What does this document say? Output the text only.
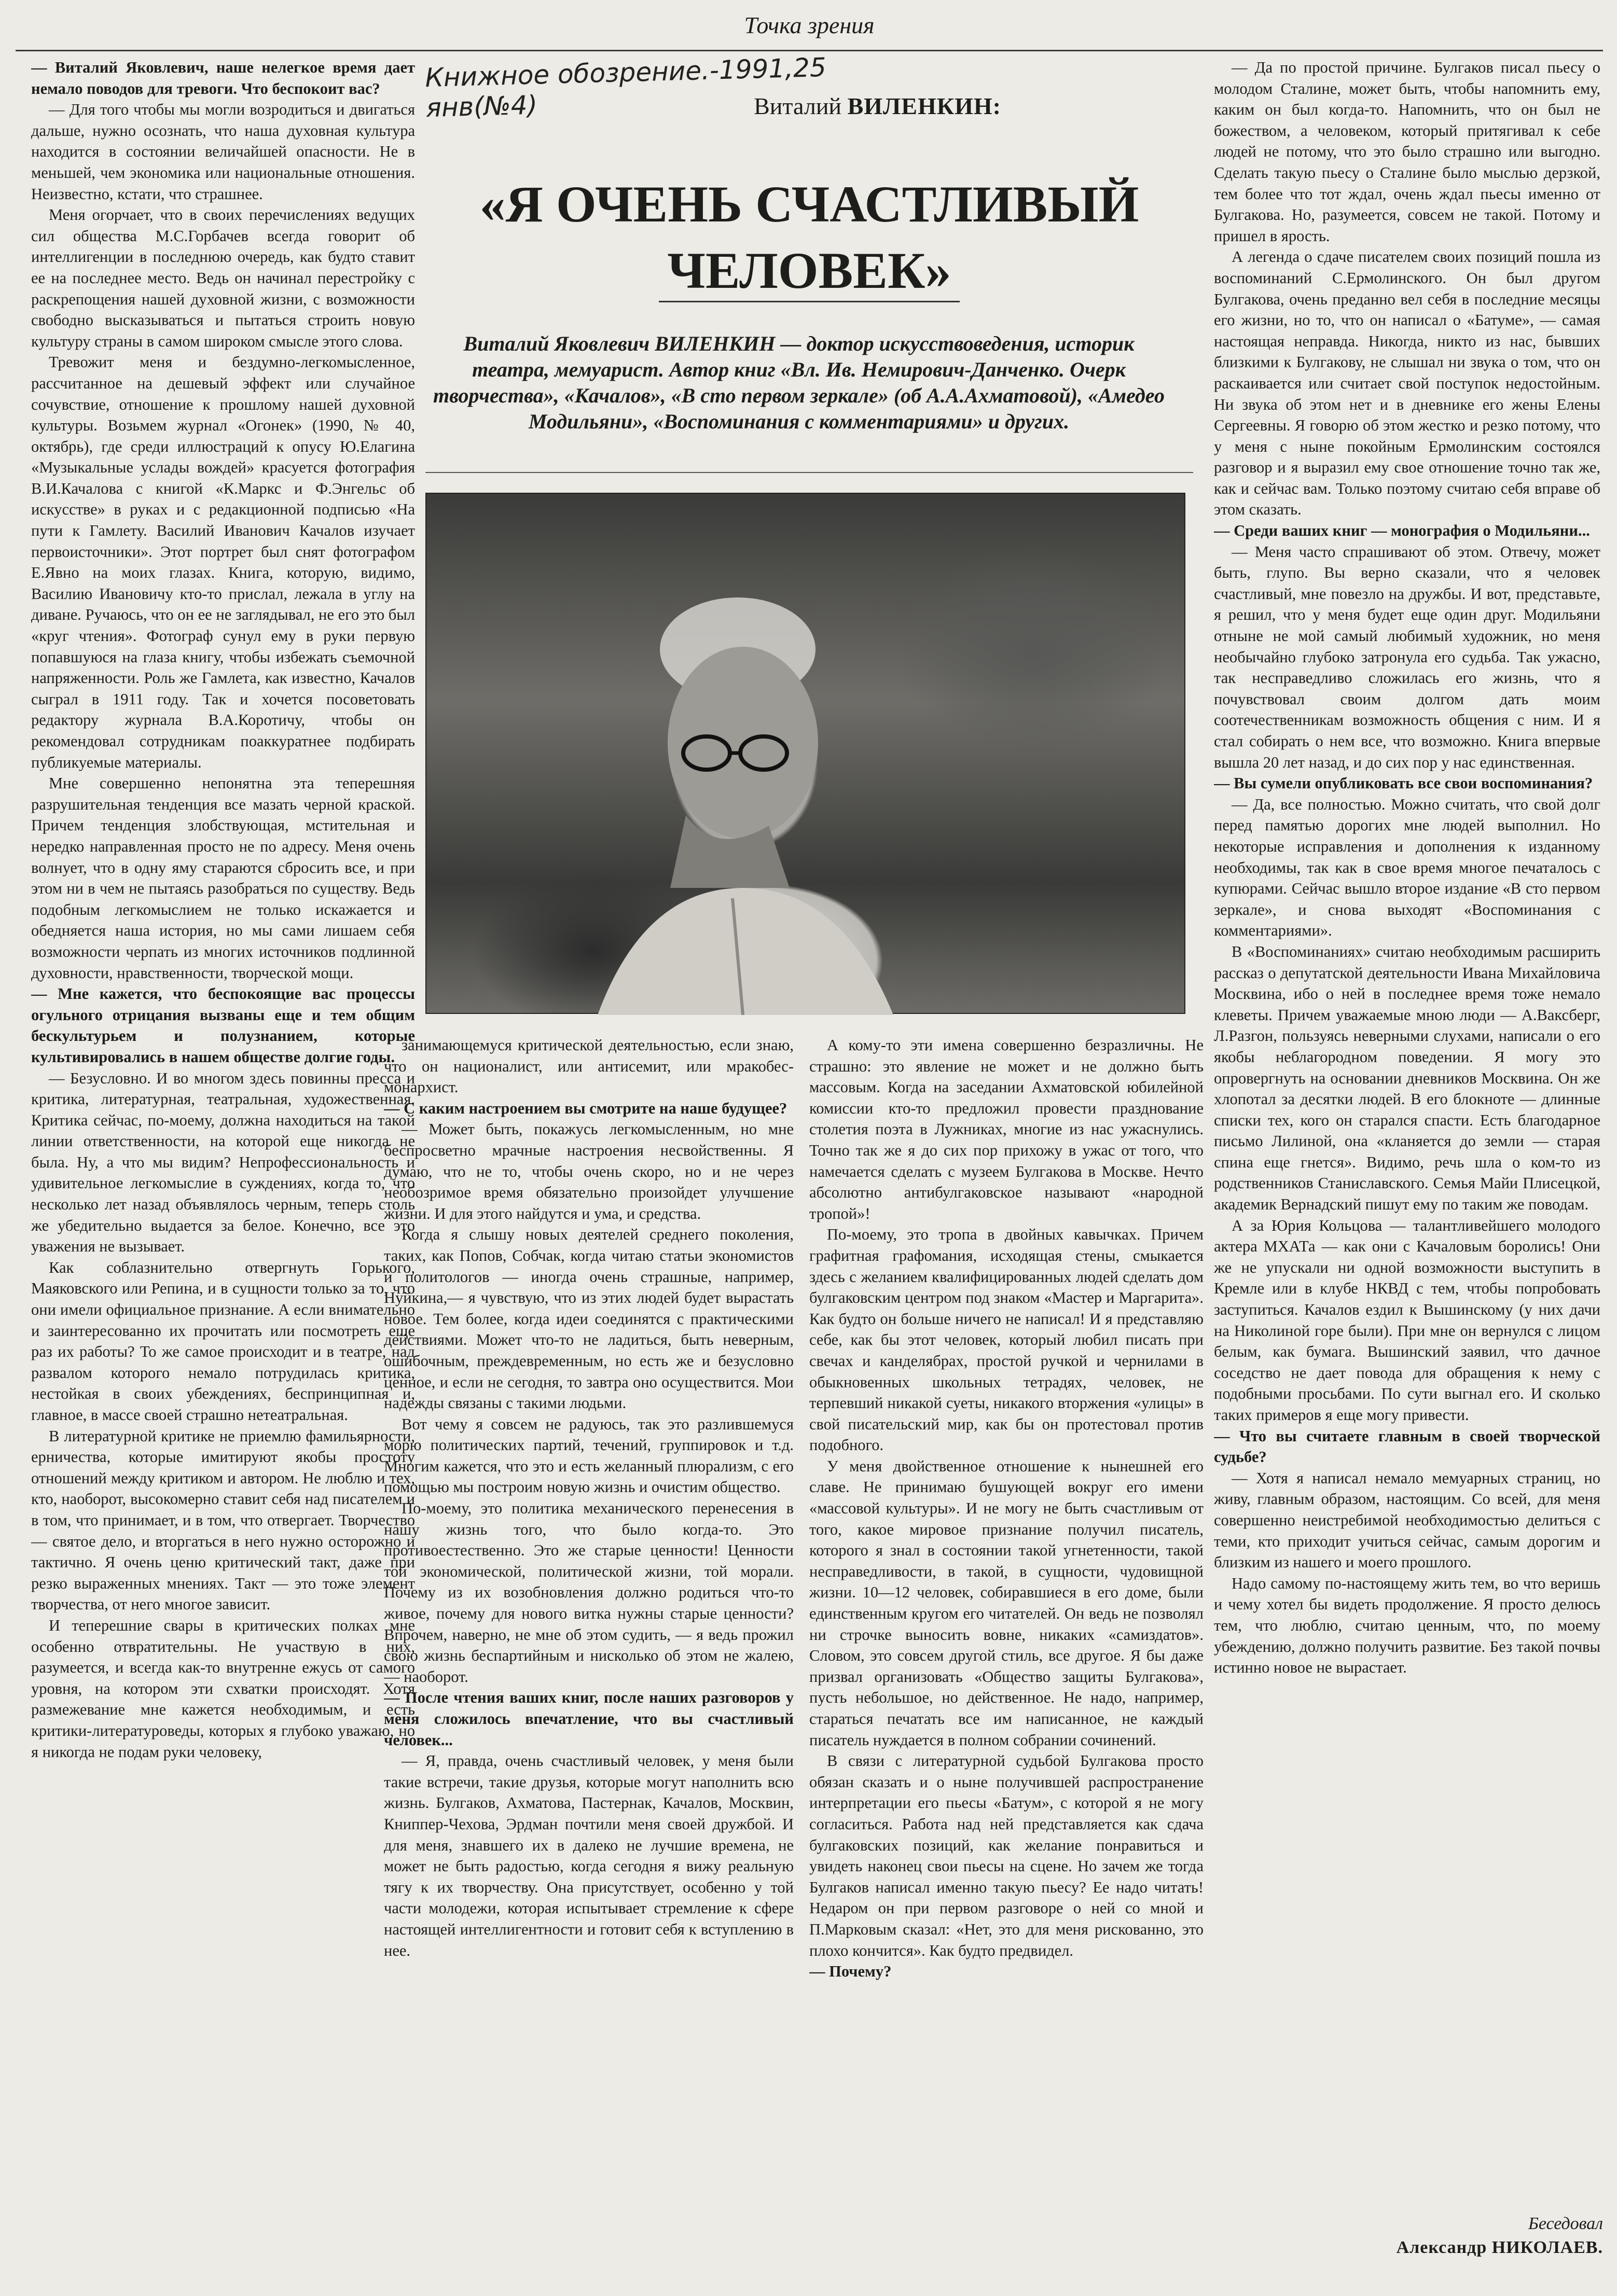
Точка зрения
Книжное обозрение.-1991,25 янв(№4)	Виталий ВИЛЕНКИН:
«Я ОЧЕНЬ СЧАСТЛИВЫЙ ЧЕЛОВЕК»
Виталий Яковлевич ВИЛЕНКИН — доктор искусствоведения, историк театра, мемуарист. Автор книг «Вл. Ив. Немирович-Данченко. Очерк творчества», «Качалов», «В сто первом зеркале» (об А.А.Ахматовой), «Амедео Модильяни», «Воспоминания с комментариями» и других.

— Виталий Яковлевич, наше нелегкое время дает немало поводов для тревоги. Что беспокоит вас?

— Для того чтобы мы могли возродиться и двигаться дальше, нужно осознать, что наша духовная культура находится в состоянии величайшей опасности. Не в меньшей, чем экономика или национальные отношения. Неизвестно, кстати, что страшнее.

Меня огорчает, что в своих перечислениях ведущих сил общества М.С.Горбачев всегда говорит об интеллигенции в последнюю очередь, как будто ставит ее на последнее место. Ведь он начинал перестройку с раскрепощения нашей духовной жизни, с возможности свободно высказываться и пытаться строить новую культуру страны в самом широком смысле этого слова.

Тревожит меня и бездумно-легкомысленное, рассчитанное на дешевый эффект или случайное сочувствие, отношение к прошлому нашей духовной культуры. Возьмем журнал «Огонек» (1990, № 40, октябрь), где среди иллюстраций к опусу Ю.Елагина «Музыкальные услады вождей» красуется фотография В.И.Качалова с книгой «К.Маркс и Ф.Энгельс об искусстве» в руках и с редакционной подписью «На пути к Гамлету. Василий Иванович Качалов изучает первоисточники». Этот портрет был снят фотографом Е.Явно на моих глазах. Книга, которую, видимо, Василию Ивановичу кто-то прислал, лежала в углу на диване. Ручаюсь, что он ее не заглядывал, не его это был «круг чтения». Фотограф сунул ему в руки первую попавшуюся на глаза книгу, чтобы избежать съемочной напряженности. Роль же Гамлета, как известно, Качалов сыграл в 1911 году. Так и хочется посоветовать редактору журнала В.А.Коротичу, чтобы он рекомендовал сотрудникам поаккуратнее подбирать публикуемые материалы.

Мне совершенно непонятна эта теперешняя разрушительная тенденция все мазать черной краской. Причем тенденция злобствующая, мстительная и нередко направленная просто не по адресу. Меня очень волнует, что в одну яму стараются сбросить все, и при этом ни в чем не пытаясь разобраться по существу. Ведь подобным легкомыслием не только искажается и обедняется наша история, но мы сами лишаем себя возможности черпать из многих источников подлинной духовности, нравственности, творческой мощи.

— Мне кажется, что беспокоящие вас процессы огульного отрицания вызваны еще и тем общим бескультурьем и полузнанием, которые культивировались в нашем обществе долгие годы.

— Безусловно. И во многом здесь повинны пресса и критика, литературная, театральная, художественная. Критика сейчас, по-моему, должна находиться на такой линии ответственности, на которой еще никогда не была. Ну, а что мы видим? Непрофессиональность и удивительное легкомыслие в суждениях, когда то, что несколько лет назад объявлялось черным, теперь столь же убедительно выдается за белое. Конечно, все это уважения не вызывает.

Как соблазнительно отвергнуть Горького, Маяковского или Репина, и в сущности только за то, что они имели официальное признание. А если внимательно и заинтересованно их прочитать или посмотреть еще раз их работы? То же самое происходит и в театре, над развалом которого немало потрудилась критика, нестойкая в своих убеждениях, беспринципная и, главное, в массе своей страшно нетеатральная.

В литературной критике не приемлю фамильярности, ерничества, которые имитируют якобы простоту отношений между критиком и автором. Не люблю и тех, кто, наоборот, высокомерно ставит себя над писателем и в том, что принимает, и в том, что отвергает. Творчество — святое дело, и вторгаться в него нужно осторожно и тактично. Я очень ценю критический такт, даже при резко выраженных мнениях. Такт — это тоже элемент творчества, от него многое зависит.

И теперешние свары в критических полках мне особенно отвратительны. Не участвую в них, разумеется, и всегда как-то внутренне ежусь от самого уровня, на котором эти схватки происходят. Хотя размежевание мне кажется необходимым, и есть критики-литературоведы, которых я глубоко уважаю, но я никогда не подам руки человеку,

занимающемуся критической деятельностью, если знаю, что он националист, или антисемит, или мракобес-монархист.

— С каким настроением вы смотрите на наше будущее?

— Может быть, покажусь легкомысленным, но мне беспросветно мрачные настроения несвойственны. Я думаю, что не то, чтобы очень скоро, но и не через необозримое время обязательно произойдет улучшение жизни. И для этого найдутся и ума, и средства.

Когда я слышу новых деятелей среднего поколения, таких, как Попов, Собчак, когда читаю статьи экономистов и политологов — иногда очень страшные, например, Нуйкина,— я чувствую, что из этих людей будет вырастать новое. Тем более, когда идеи соединятся с практическими действиями. Может что-то не ладиться, быть неверным, ошибочным, преждевременным, но есть же и безусловно ценное, и если не сегодня, то завтра оно осуществится. Мои надежды связаны с такими людьми.

Вот чему я совсем не радуюсь, так это разлившемуся морю политических партий, течений, группировок и т.д. Многим кажется, что это и есть желанный плюрализм, с его помощью мы построим новую жизнь и очистим общество.

По-моему, это политика механического перенесения в нашу жизнь того, что было когда-то. Это противоестественно. Это же старые ценности! Ценности той экономической, политической жизни, той морали. Почему из их возобновления должно родиться что-то живое, почему для нового витка нужны старые ценности? Впрочем, наверно, не мне об этом судить, — я ведь прожил свою жизнь беспартийным и нисколько об этом не жалею, — наоборот.

— После чтения ваших книг, после наших разговоров у меня сложилось впечатление, что вы счастливый человек...

— Я, правда, очень счастливый человек, у меня были такие встречи, такие друзья, которые могут наполнить всю жизнь. Булгаков, Ахматова, Пастернак, Качалов, Москвин, Книппер-Чехова, Эрдман почтили меня своей дружбой. И для меня, знавшего их в далеко не лучшие времена, не может не быть радостью, когда сегодня я вижу реальную тягу к их творчеству. Она присутствует, особенно у той части молодежи, которая испытывает стремление к сфере настоящей интеллигентности и готовит себя к вступлению в нее.

А кому-то эти имена совершенно безразличны. Не страшно: это явление не может и не должно быть массовым. Когда на заседании Ахматовской юбилейной комиссии кто-то предложил провести празднование столетия поэта в Лужниках, многие из нас ужаснулись. Точно так же я до сих пор прихожу в ужас от того, что намечается сделать с музеем Булгакова в Москве. Нечто абсолютно антибулгаковское называют «народной тропой»!

По-моему, это тропа в двойных кавычках. Причем графитная графомания, исходящая стены, смыкается здесь с желанием квалифицированных людей сделать дом булгаковским центром под знаком «Мастер и Маргарита». Как будто он больше ничего не написал! И я представляю себе, как бы этот человек, который любил писать при свечах и канделябрах, простой ручкой и чернилами в обыкновенных школьных тетрадях, человек, не терпевший никакой суеты, никакого вторжения «улицы» в свой писательский мир, как бы он протестовал против подобного.

У меня двойственное отношение к нынешней его славе. Не принимаю бушующей вокруг его имени «массовой культуры». И не могу не быть счастливым от того, какое мировое признание получил писатель, которого я знал в состоянии такой угнетенности, такой несправедливости, в такой, в сущности, чудовищной жизни. 10—12 человек, собиравшиеся в его доме, были единственным кругом его читателей. Он ведь не позволял ни строчке выносить вовне, никаких «самиздатов». Словом, это совсем другой стиль, все другое. Я бы даже призвал организовать «Общество защиты Булгакова», пусть небольшое, но действенное. Не надо, например, стараться печатать все им написанное, не каждый писатель нуждается в полном собрании сочинений.

В связи с литературной судьбой Булгакова просто обязан сказать и о ныне получившей распространение интерпретации его пьесы «Батум», с которой я не могу согласиться. Работа над ней представляется как сдача булгаковских позиций, как желание понравиться и увидеть наконец свои пьесы на сцене. Но зачем же тогда Булгаков написал именно такую пьесу? Ее надо читать! Недаром он при первом разговоре о ней со мной и П.Марковым сказал: «Нет, это для меня рискованно, это плохо кончится». Как будто предвидел.

— Почему?

— Да по простой причине. Булгаков писал пьесу о молодом Сталине, может быть, чтобы напомнить ему, каким он был когда-то. Напомнить, что он был не божеством, а человеком, который притягивал к себе людей не потому, что это было страшно или выгодно. Сделать такую пьесу о Сталине было мыслью дерзкой, тем более что тот ждал, очень ждал пьесы именно от Булгакова. Но, разумеется, совсем не такой. Потому и пришел в ярость.

А легенда о сдаче писателем своих позиций пошла из воспоминаний С.Ермолинского. Он был другом Булгакова, очень преданно вел себя в последние месяцы его жизни, но то, что он написал о «Батуме», — самая настоящая неправда. Никогда, никто из нас, бывших близкими к Булгакову, не слышал ни звука о том, что он раскаивается или считает свой поступок недостойным. Ни звука об этом нет и в дневнике его жены Елены Сергеевны. Я говорю об этом жестко и резко потому, что у меня с ныне покойным Ермолинским состоялся разговор и я выразил ему свое отношение точно так же, как и сейчас вам. Только поэтому считаю себя вправе об этом сказать.

— Среди ваших книг — монография о Модильяни...

— Меня часто спрашивают об этом. Отвечу, может быть, глупо. Вы верно сказали, что я человек счастливый, мне повезло на дружбы. И вот, представьте, я решил, что у меня будет еще один друг. Модильяни отныне не мой самый любимый художник, но меня необычайно глубоко затронула его судьба. Так ужасно, так несправедливо сложилась его жизнь, что я почувствовал своим долгом дать моим соотечественникам возможность общения с ним. И я стал собирать о нем все, что возможно. Книга впервые вышла 20 лет назад, и до сих пор у нас единственная.

— Вы сумели опубликовать все свои воспоминания?

— Да, все полностью. Можно считать, что свой долг перед памятью дорогих мне людей выполнил. Но некоторые исправления и дополнения к изданному необходимы, так как в свое время многое печаталось с купюрами. Сейчас вышло второе издание «В сто первом зеркале», и снова выходят «Воспоминания с комментариями».

В «Воспоминаниях» считаю необходимым расширить рассказ о депутатской деятельности Ивана Михайловича Москвина, ибо о ней в последнее время тоже немало клеветы. Причем уважаемые мною люди — А.Ваксберг, Л.Разгон, пользуясь неверными слухами, написали о его якобы неблагородном поведении. Я могу это опровергнуть на основании дневников Москвина. Он же хлопотал за десятки людей. В его блокноте — длинные списки тех, кого он старался спасти. Есть благодарное письмо Лилиной, она «кланяется до земли — старая спина еще гнется». Видимо, речь шла о ком-то из родственников Станиславского. Семья Майи Плисецкой, академик Вернадский пишут ему по таким же поводам.

А за Юрия Кольцова — талантливейшего молодого актера МХАТа — как они с Качаловым боролись! Они же не упускали ни одной возможности выступить в Кремле или в клубе НКВД с тем, чтобы попробовать заступиться. Качалов ездил к Вышинскому (у них дачи на Николиной горе были). При мне он вернулся с лицом белым, как бумага. Вышинский заявил, что дачное соседство не дает повода для обращения к нему с подобными просьбами. По сути выгнал его. И сколько таких примеров я еще могу привести.

— Что вы считаете главным в своей творческой судьбе?

— Хотя я написал немало мемуарных страниц, но живу, главным образом, настоящим. Со всей, для меня совершенно неистребимой необходимостью делиться с теми, кто приходит учиться сейчас, самым дорогим и близким из нашего и моего прошлого.

Надо самому по-настоящему жить тем, во что веришь и чему хотел бы видеть продолжение. Я просто делюсь тем, что люблю, считаю ценным, что, по моему убеждению, должно получить развитие. Без такой почвы истинно новое не вырастает.

Беседовал
Александр НИКОЛАЕВ.
